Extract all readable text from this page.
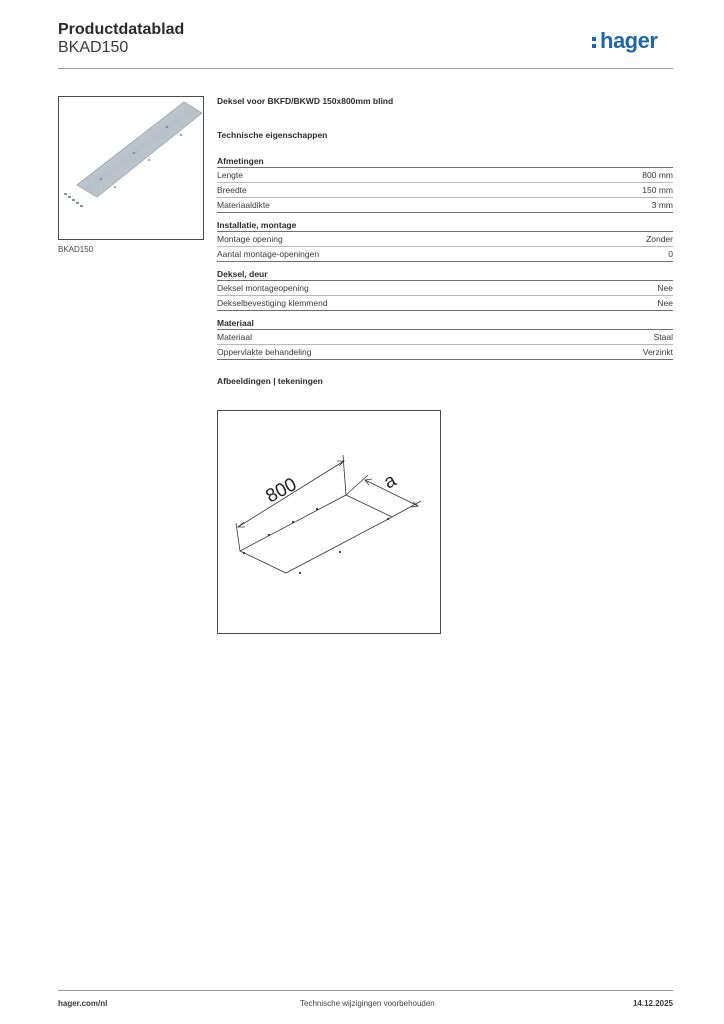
Productdatablad
BKAD150	hager
BKAD150
Deksel voor BKFD/BKWD 150x800mm blind
Technische eigenschappen
Afmetingen
Lengte	800 mm
Breedte	150 mm
Materiaaldikte	3 mm
Installatie, montage
Montage opening	Zonder
Aantal montage-openingen	0
Deksel, deur
Deksel montageopening	Nee
Dekselbevestiging klemmend	Nee
Materiaal
Materiaal	Staal
Oppervlakte behandeling	Verzinkt
Afbeeldingen | tekeningen
800	a
hager.com/nl	Technische wijzigingen voorbehouden	14.12.2025
